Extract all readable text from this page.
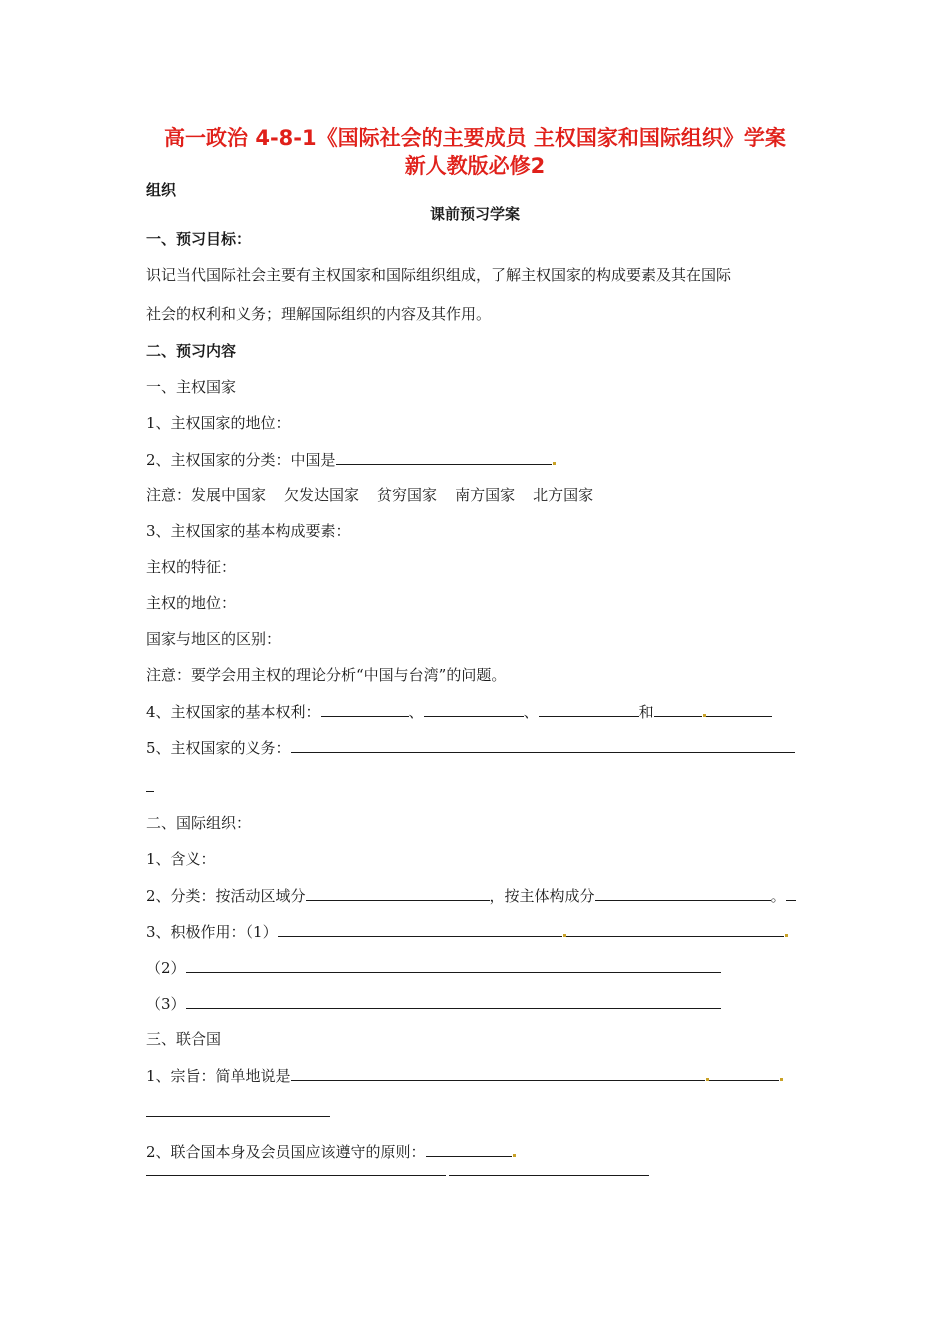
高一政治 4-8-1《国际社会的主要成员 主权国家和国际组织》学案
新人教版必修2
组织
课前预习学案
一、预习目标：
识记当代国际社会主要有主权国家和国际组织组成，了解主权国家的构成要素及其在国际
社会的权利和义务；理解国际组织的内容及其作用。
二、预习内容
一、主权国家
1、主权国家的地位：
2、主权国家的分类：中国是
注意：发展中国家 欠发达国家 贫穷国家 南方国家 北方国家
3、主权国家的基本构成要素：
主权的特征：
主权的地位：
国家与地区的区别：
注意：要学会用主权的理论分析“中国与台湾”的问题。
4、主权国家的基本权利：	、	、	和
5、主权国家的义务：
二、国际组织：
1、含义：
2、分类：按活动区域分	，按主体构成分	。
3、积极作用：（1）
（2）
（3）
三、联合国
1、宗旨：简单地说是
2、联合国本身及会员国应该遵守的原则：
